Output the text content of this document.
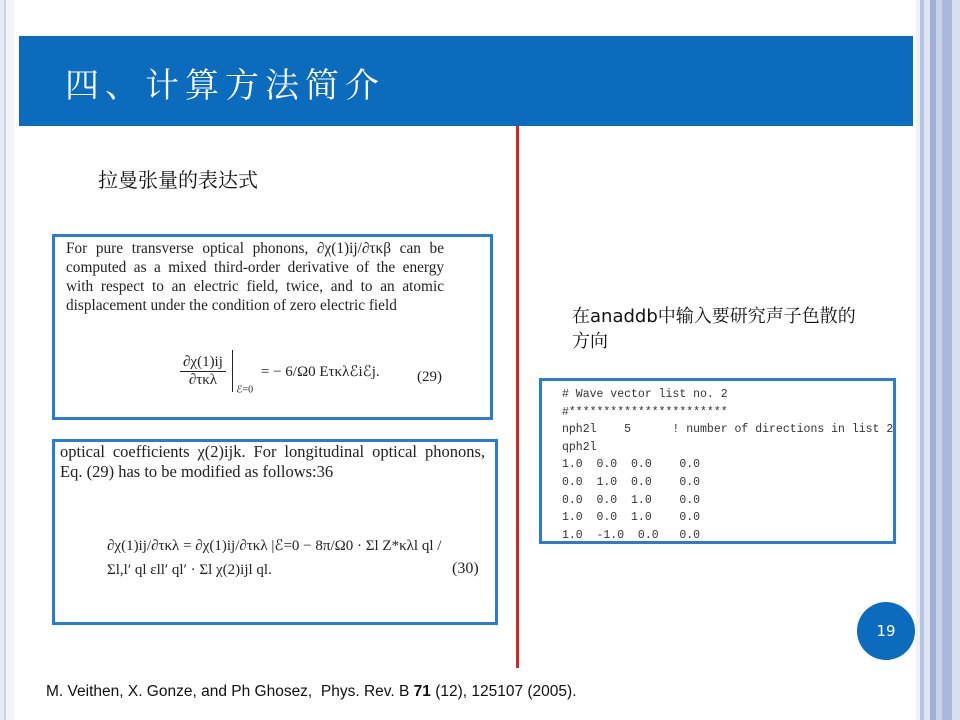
四、计算方法简介
拉曼张量的表达式
For pure transverse optical phonons, ∂χ(1)ij/∂τκβ can be computed as a mixed third-order derivative of the energy with respect to an electric field, twice, and to an atomic displacement under the condition of zero electric field
$\frac{\partial\chi(1)ij}{\text{∂τκλ}}$
$_{ℰ=0}$ = − 6/Ω0 Eτκλℰiℰj. (29)
optical coefficients χ(2)ijk. For longitudinal optical phonons, Eq. (29) has to be modified as follows:36
∂χ(1)ij/∂τκλ = ∂χ(1)ij/∂τκλ |ℰ=0 − 8π/Ω0 · Σl Z*κλl ql / Σl,l′ ql εll′ ql′ · Σl χ(2)ijl ql.	(30)
在anaddb中输入要研究声子色散的方向
# Wave vector list no. 2
#***********************
nph2l    5      ! number of directions in list 2
qph2l
1.0  0.0  0.0    0.0
0.0  1.0  0.0    0.0
0.0  0.0  1.0    0.0
1.0  0.0  1.0    0.0
1.0  -1.0  0.0   0.0
19
M. Veithen, X. Gonze, and Ph Ghosez, Phys. Rev. B 71 (12), 125107 (2005).
